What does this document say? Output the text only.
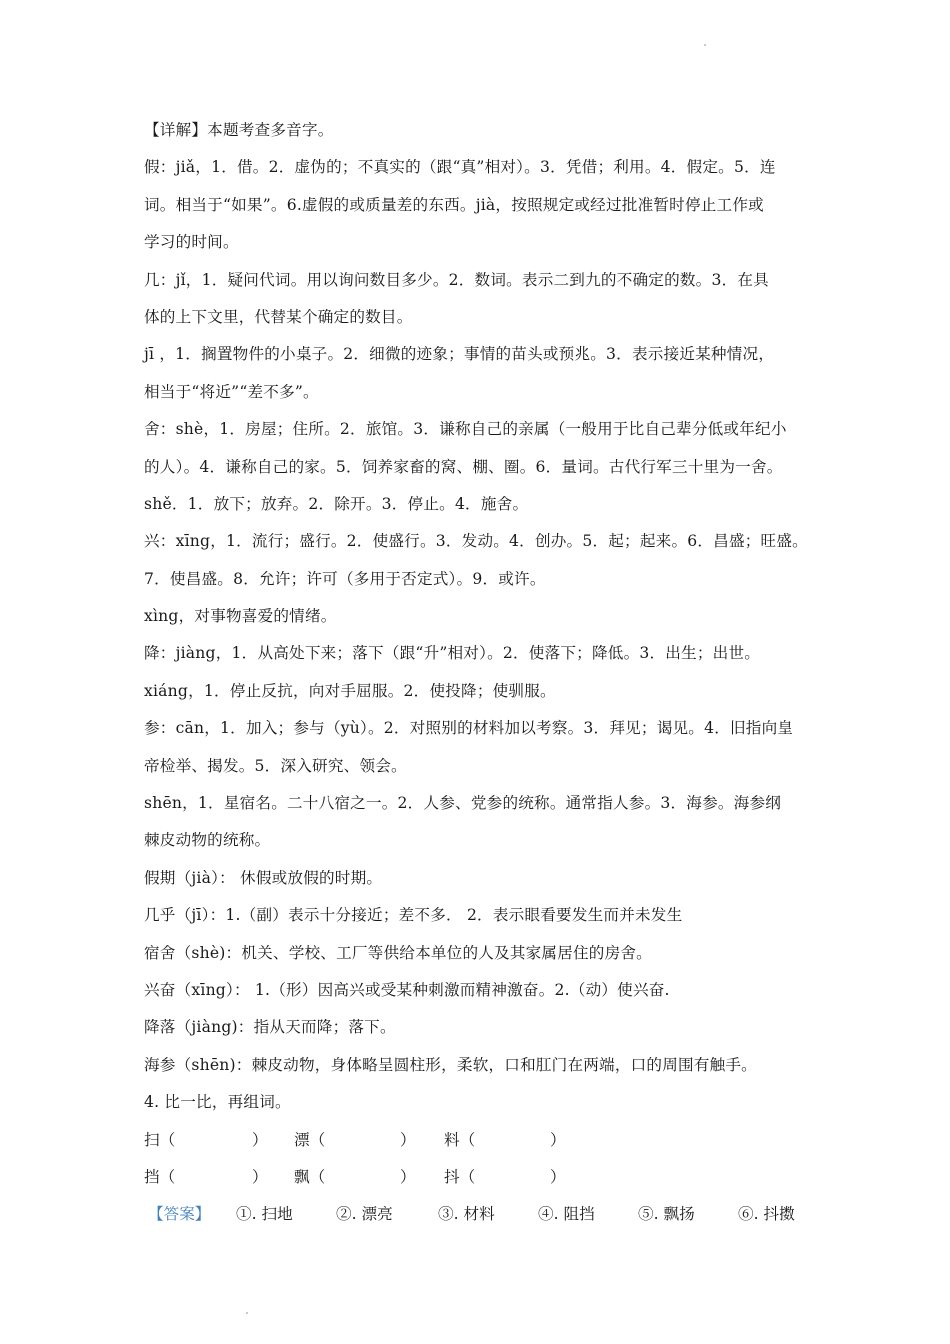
【详解】本题考查多音字。
假：jiǎ，1．借。2．虚伪的；不真实的（跟“真”相对）。3．凭借；利用。4．假定。5．连
词。相当于“如果”。6.虚假的或质量差的东西。jià，按照规定或经过批准暂时停止工作或
学习的时间。
几：jǐ，1．疑问代词。用以询问数目多少。2．数词。表示二到九的不确定的数。3．在具
体的上下文里，代替某个确定的数目。
jī ，1．搁置物件的小桌子。2．细微的迹象；事情的苗头或预兆。3．表示接近某种情况，
相当于“将近”“差不多”。
舍：shè，1．房屋；住所。2．旅馆。3．谦称自己的亲属（一般用于比自己辈分低或年纪小
的人）。4．谦称自己的家。5．饲养家畜的窝、棚、圈。6．量词。古代行军三十里为一舍。
shě．1．放下；放弃。2．除开。3．停止。4．施舍。
兴：xīng，1．流行；盛行。2．使盛行。3．发动。4．创办。5．起；起来。6．昌盛；旺盛。
7．使昌盛。8．允许；许可（多用于否定式）。9．或许。
xìng，对事物喜爱的情绪。
降：jiàng，1．从高处下来；落下（跟“升”相对）。2．使落下；降低。3．出生；出世。
xiáng，1．停止反抗，向对手屈服。2．使投降；使驯服。
参：cān，1．加入；参与（yù）。2．对照别的材料加以考察。3．拜见；谒见。4．旧指向皇
帝检举、揭发。5．深入研究、领会。
shēn，1．星宿名。二十八宿之一。2．人参、党参的统称。通常指人参。3．海参。海参纲
棘皮动物的统称。
假期（jià）： 休假或放假的时期。
几乎（jī）：1.（副）表示十分接近；差不多． 2．表示眼看要发生而并未发生
宿舍（shè)：机关、学校、工厂等供给本单位的人及其家属居住的房舍。
兴奋（xīng）： 1.（形）因高兴或受某种刺激而精神激奋。2.（动）使兴奋.
降落（jiàng)：指从天而降；落下。
海参（shēn)：棘皮动物，身体略呈圆柱形，柔软，口和肛门在两端，口的周围有触手。
4. 比一比，再组词。
扫（	） 漂（	） 料（	）
挡（	） 飘（	） 抖（	）
【答案】 ①. 扫地	②. 漂亮	③. 材料	④. 阻挡	⑤. 飘扬	⑥. 抖擞
